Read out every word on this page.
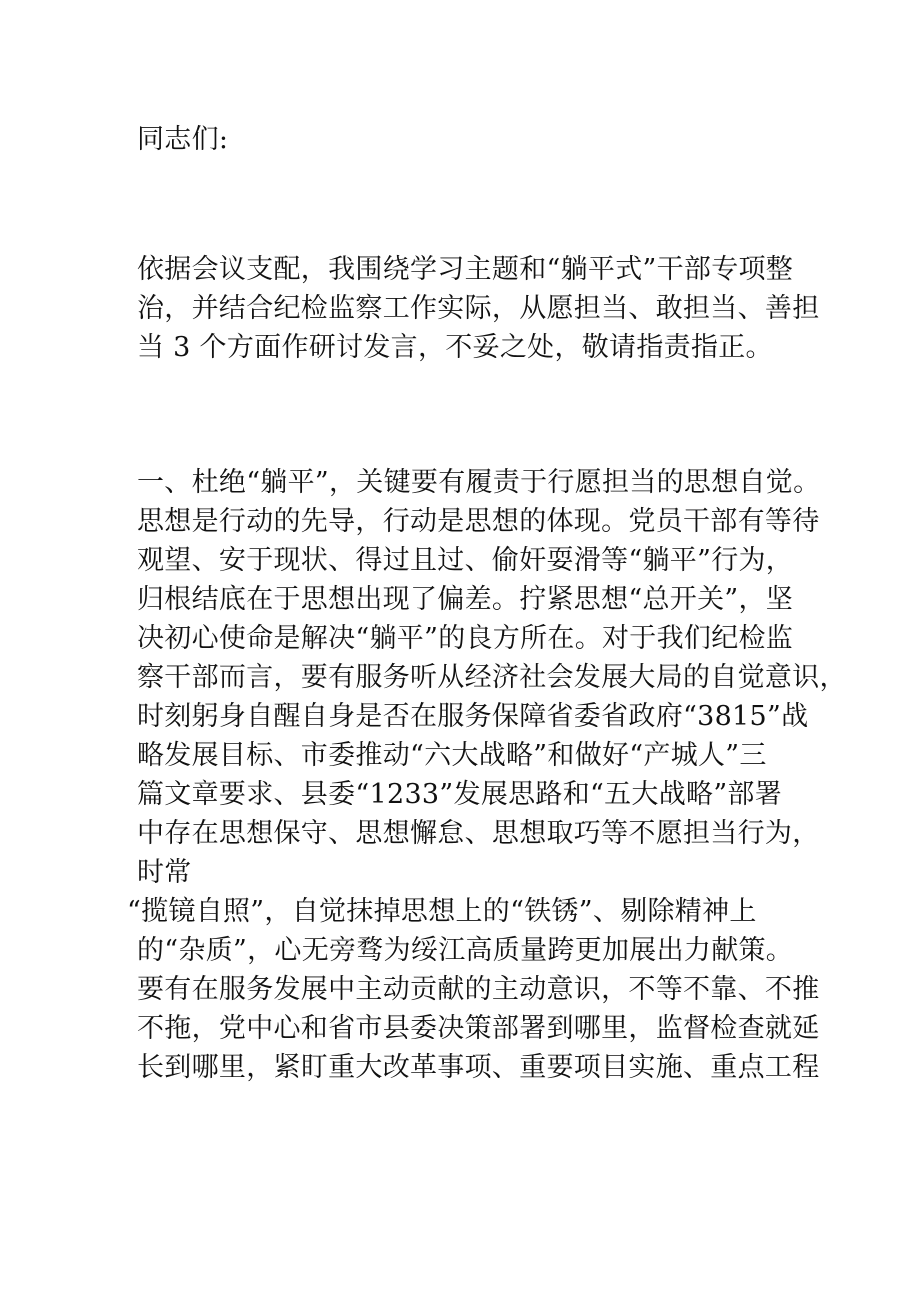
同志们:
依据会议支配，我围绕学习主题和“躺平式”干部专项整
治，并结合纪检监察工作实际，从愿担当、敢担当、善担
当 3 个方面作研讨发言，不妥之处，敬请指责指正。
一、杜绝“躺平”，关键要有履责于行愿担当的思想自觉。
思想是行动的先导，行动是思想的体现。党员干部有等待
观望、安于现状、得过且过、偷奸耍滑等“躺平”行为，
归根结底在于思想出现了偏差。拧紧思想“总开关”，坚
决初心使命是解决“躺平”的良方所在。对于我们纪检监
察干部而言，要有服务听从经济社会发展大局的自觉意识，
时刻躬身自醒自身是否在服务保障省委省政府“3815”战
略发展目标、市委推动“六大战略”和做好“产城人”三
篇文章要求、县委“1233”发展思路和“五大战略”部署
中存在思想保守、思想懈怠、思想取巧等不愿担当行为，
时常
“揽镜自照”，自觉抹掉思想上的“铁锈”、剔除精神上
的“杂质”，心无旁骛为绥江高质量跨更加展出力献策。
要有在服务发展中主动贡献的主动意识，不等不靠、不推
不拖，党中心和省市县委决策部署到哪里，监督检查就延
长到哪里，紧盯重大改革事项、重要项目实施、重点工程
